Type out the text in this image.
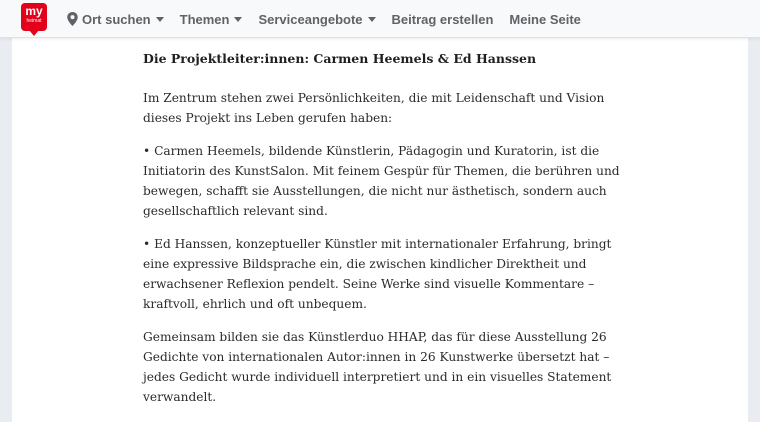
my
heimat	Ort suchen Themen Serviceangebote Beitrag erstellen Meine Seite
Die Projektleiter:innen: Carmen Heemels & Ed Hanssen

Im Zentrum stehen zwei Persönlichkeiten, die mit Leidenschaft und Vision dieses Projekt ins Leben gerufen haben:

• Carmen Heemels, bildende Künstlerin, Pädagogin und Kuratorin, ist die Initiatorin des KunstSalon. Mit feinem Gespür für Themen, die berühren und bewegen, schafft sie Ausstellungen, die nicht nur ästhetisch, sondern auch gesellschaftlich relevant sind.

• Ed Hanssen, konzeptueller Künstler mit internationaler Erfahrung, bringt eine expressive Bildsprache ein, die zwischen kindlicher Direktheit und erwachsener Reflexion pendelt. Seine Werke sind visuelle Kommentare – kraftvoll, ehrlich und oft unbequem.

Gemeinsam bilden sie das Künstlerduo HHAP, das für diese Ausstellung 26 Gedichte von internationalen Autor:innen in 26 Kunstwerke übersetzt hat – jedes Gedicht wurde individuell interpretiert und in ein visuelles Statement verwandelt.
